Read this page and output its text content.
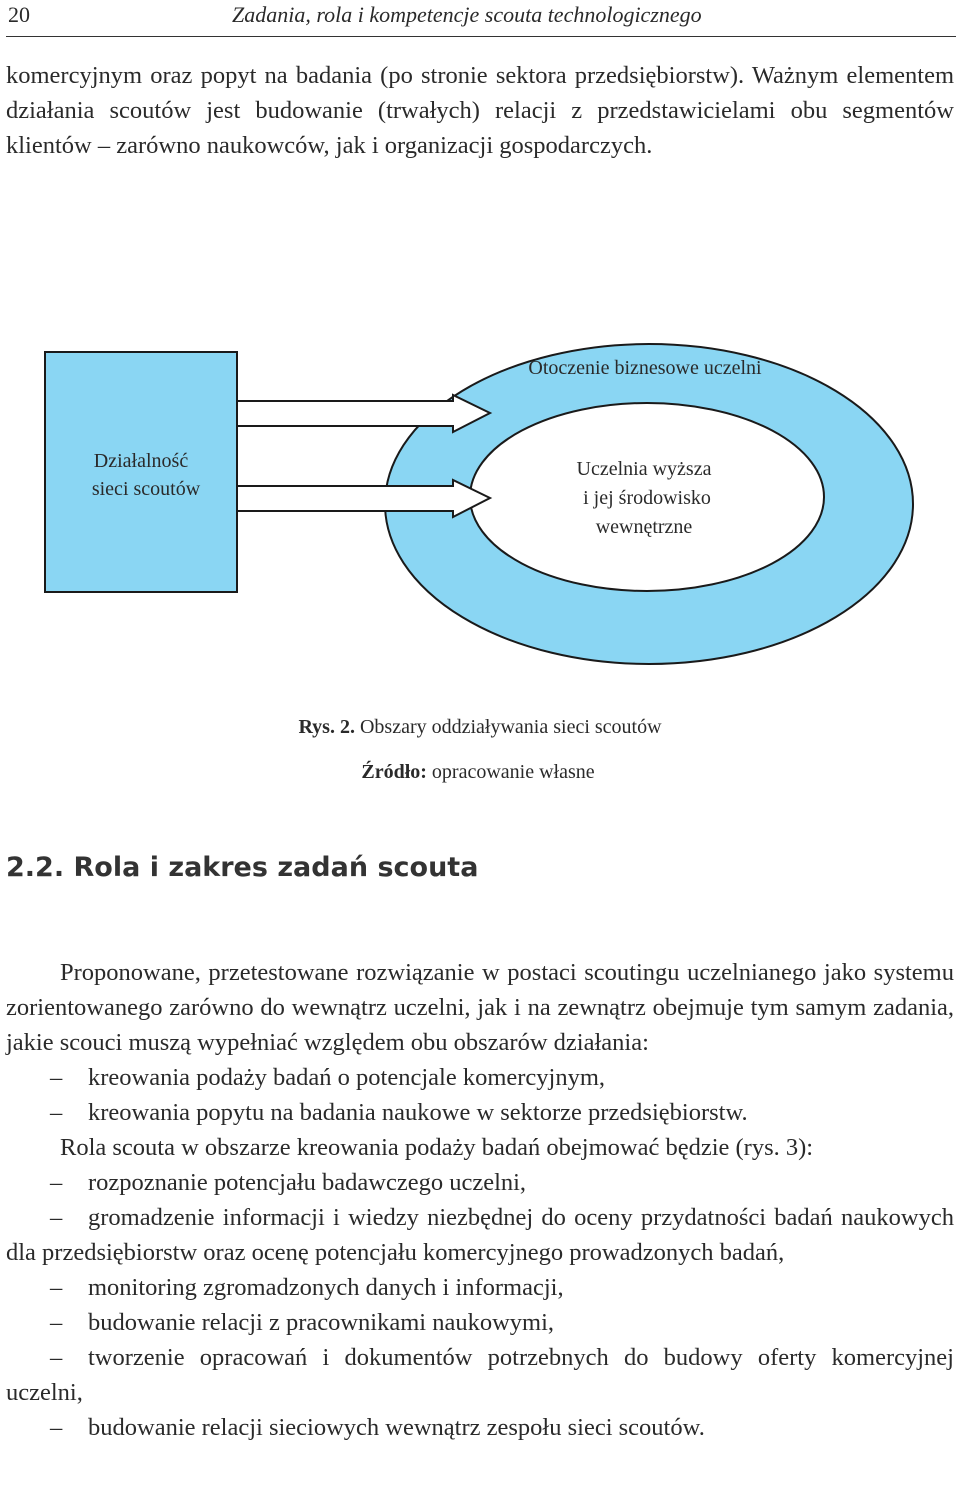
20	Zadania, rola i kompetencje scouta technologicznego
komercyjnym oraz popyt na badania (po stronie sektora przedsiębiorstw). Ważnym elementem działania scoutów jest budowanie (trwałych) relacji z przedstawicielami obu segmentów klientów – zarówno naukowców, jak i organizacji gospodarczych.
Otoczenie biznesowe uczelni
Działalność
sieci scoutów
Uczelnia wyższa
i jej środowisko
wewnętrzne
Rys. 2. Obszary oddziaływania sieci scoutów
Źródło: opracowanie własne
2.2. Rola i zakres zadań scouta
Proponowane, przetestowane rozwiązanie w postaci scoutingu uczelnianego jako systemu zorientowanego zarówno do wewnątrz uczelni, jak i na zewnątrz obejmuje tym samym zadania, jakie scouci muszą wypełniać względem obu obszarów działania:
– kreowania podaży badań o potencjale komercyjnym,
– kreowania popytu na badania naukowe w sektorze przedsiębiorstw.
Rola scouta w obszarze kreowania podaży badań obejmować będzie (rys. 3):
– rozpoznanie potencjału badawczego uczelni,
– gromadzenie informacji i wiedzy niezbędnej do oceny przydatności badań naukowych dla przedsiębiorstw oraz ocenę potencjału komercyjnego prowadzonych badań,
– monitoring zgromadzonych danych i informacji,
– budowanie relacji z pracownikami naukowymi,
– tworzenie opracowań i dokumentów potrzebnych do budowy oferty komercyjnej uczelni,
– budowanie relacji sieciowych wewnątrz zespołu sieci scoutów.
